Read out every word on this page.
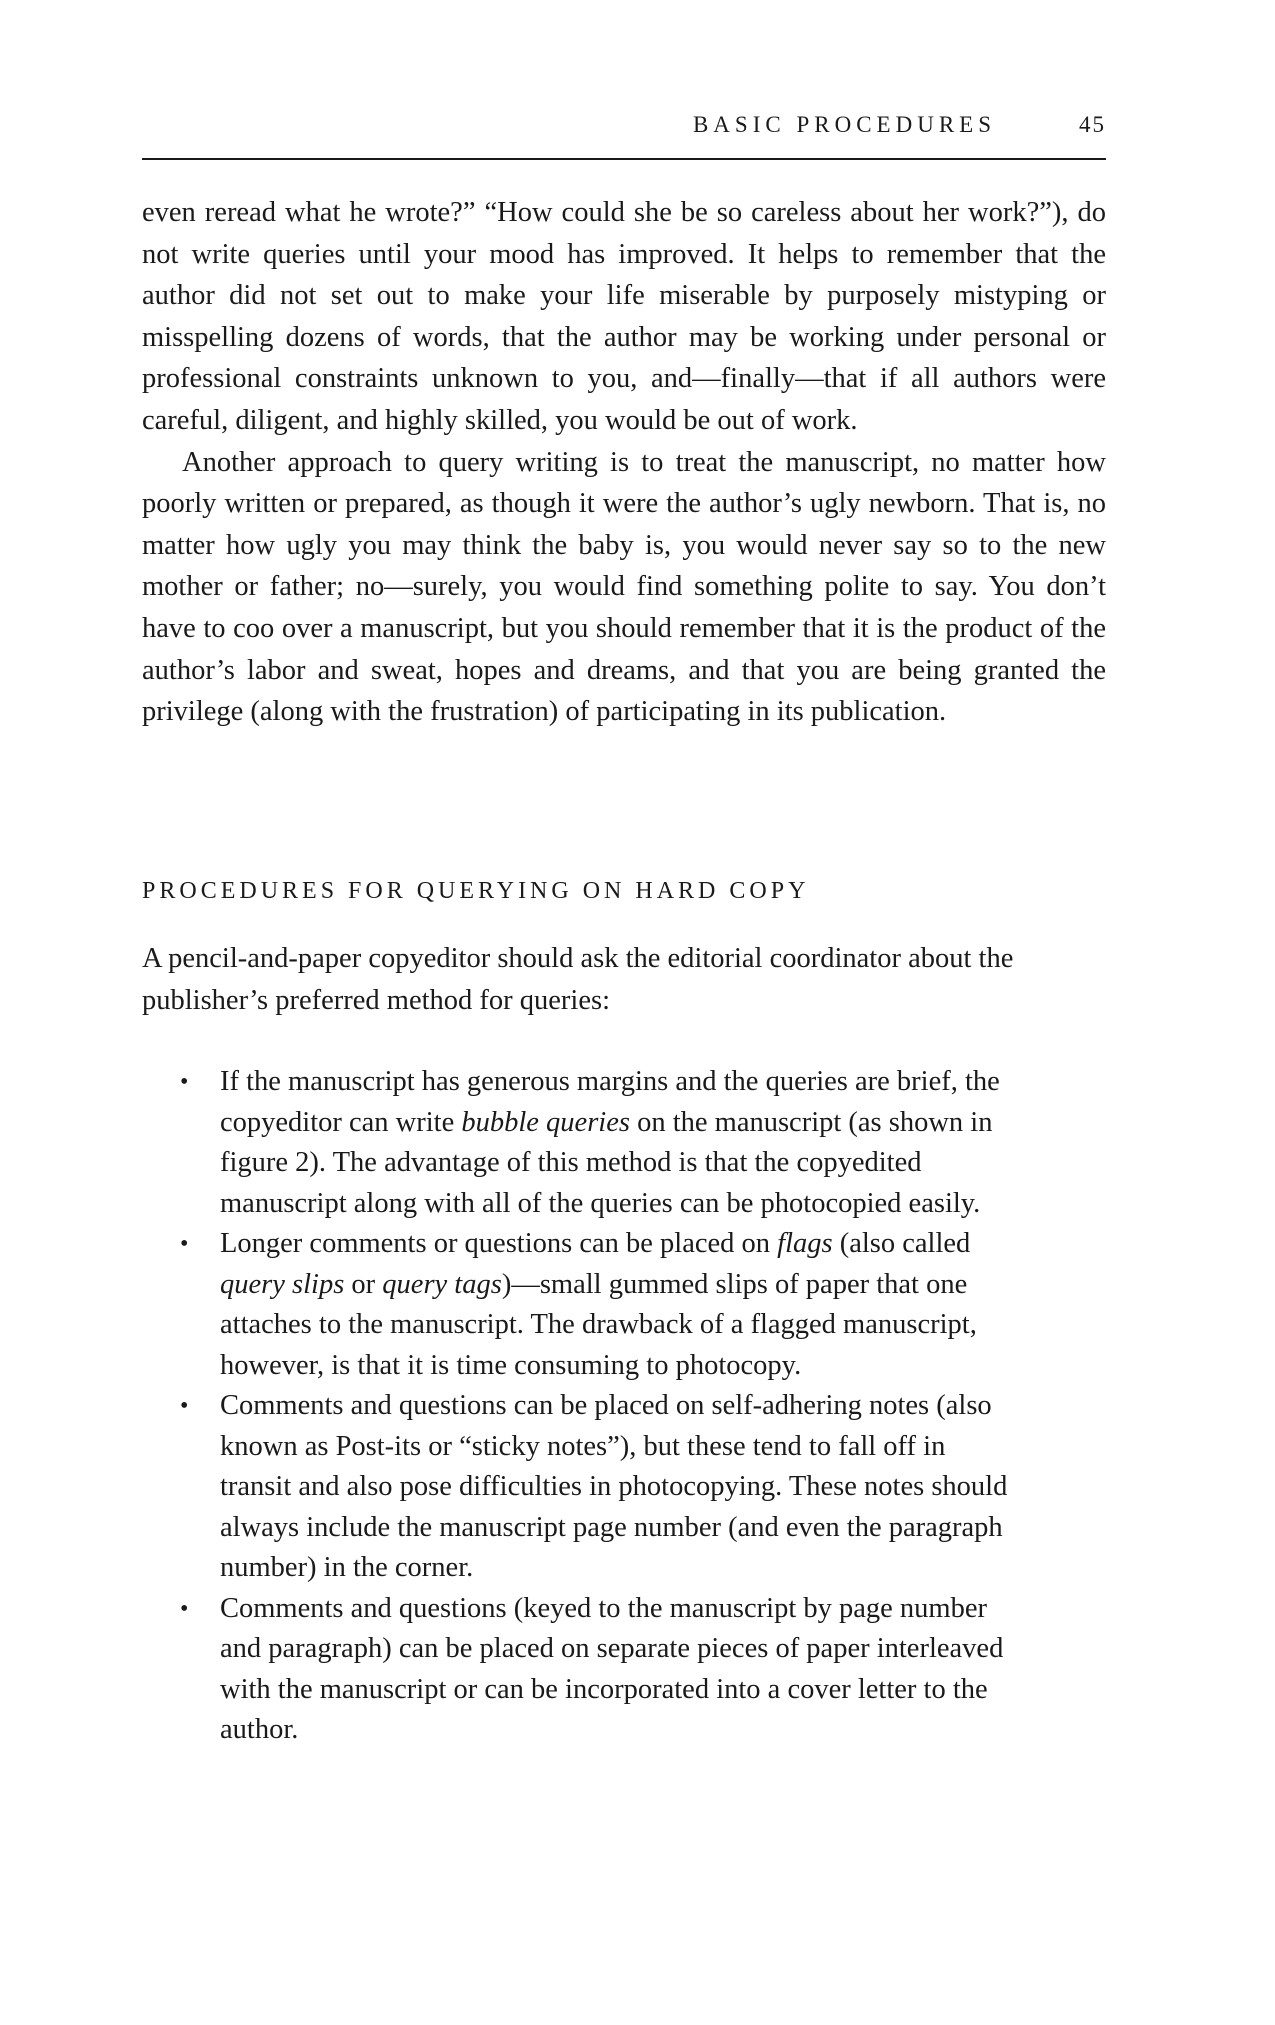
BASIC PROCEDURES	45

even reread what he wrote?” “How could she be so careless about her work?”), do not write queries until your mood has improved. It helps to remember that the author did not set out to make your life miserable by purposely mistyping or misspelling dozens of words, that the author may be working under personal or professional constraints unknown to you, and—finally—that if all authors were careful, diligent, and highly skilled, you would be out of work.

Another approach to query writing is to treat the manuscript, no matter how poorly written or prepared, as though it were the author’s ugly newborn. That is, no matter how ugly you may think the baby is, you would never say so to the new mother or father; no—surely, you would find something polite to say. You don’t have to coo over a manuscript, but you should remember that it is the product of the author’s labor and sweat, hopes and dreams, and that you are being granted the privilege (along with the frustration) of participating in its publication.

PROCEDURES FOR QUERYING ON HARD COPY

A pencil-and-paper copyeditor should ask the editorial coordinator about the publisher’s preferred method for queries:

• If the manuscript has generous margins and the queries are brief, the copyeditor can write bubble queries on the manuscript (as shown in figure 2). The advantage of this method is that the copyedited manuscript along with all of the queries can be photocopied easily.
• Longer comments or questions can be placed on flags (also called query slips or query tags)—small gummed slips of paper that one attaches to the manuscript. The drawback of a flagged manuscript, however, is that it is time consuming to photocopy.
• Comments and questions can be placed on self-adhering notes (also known as Post-its or “sticky notes”), but these tend to fall off in transit and also pose difficulties in photocopying. These notes should always include the manuscript page number (and even the paragraph number) in the corner.
• Comments and questions (keyed to the manuscript by page number and paragraph) can be placed on separate pieces of paper interleaved with the manuscript or can be incorporated into a cover letter to the author.
